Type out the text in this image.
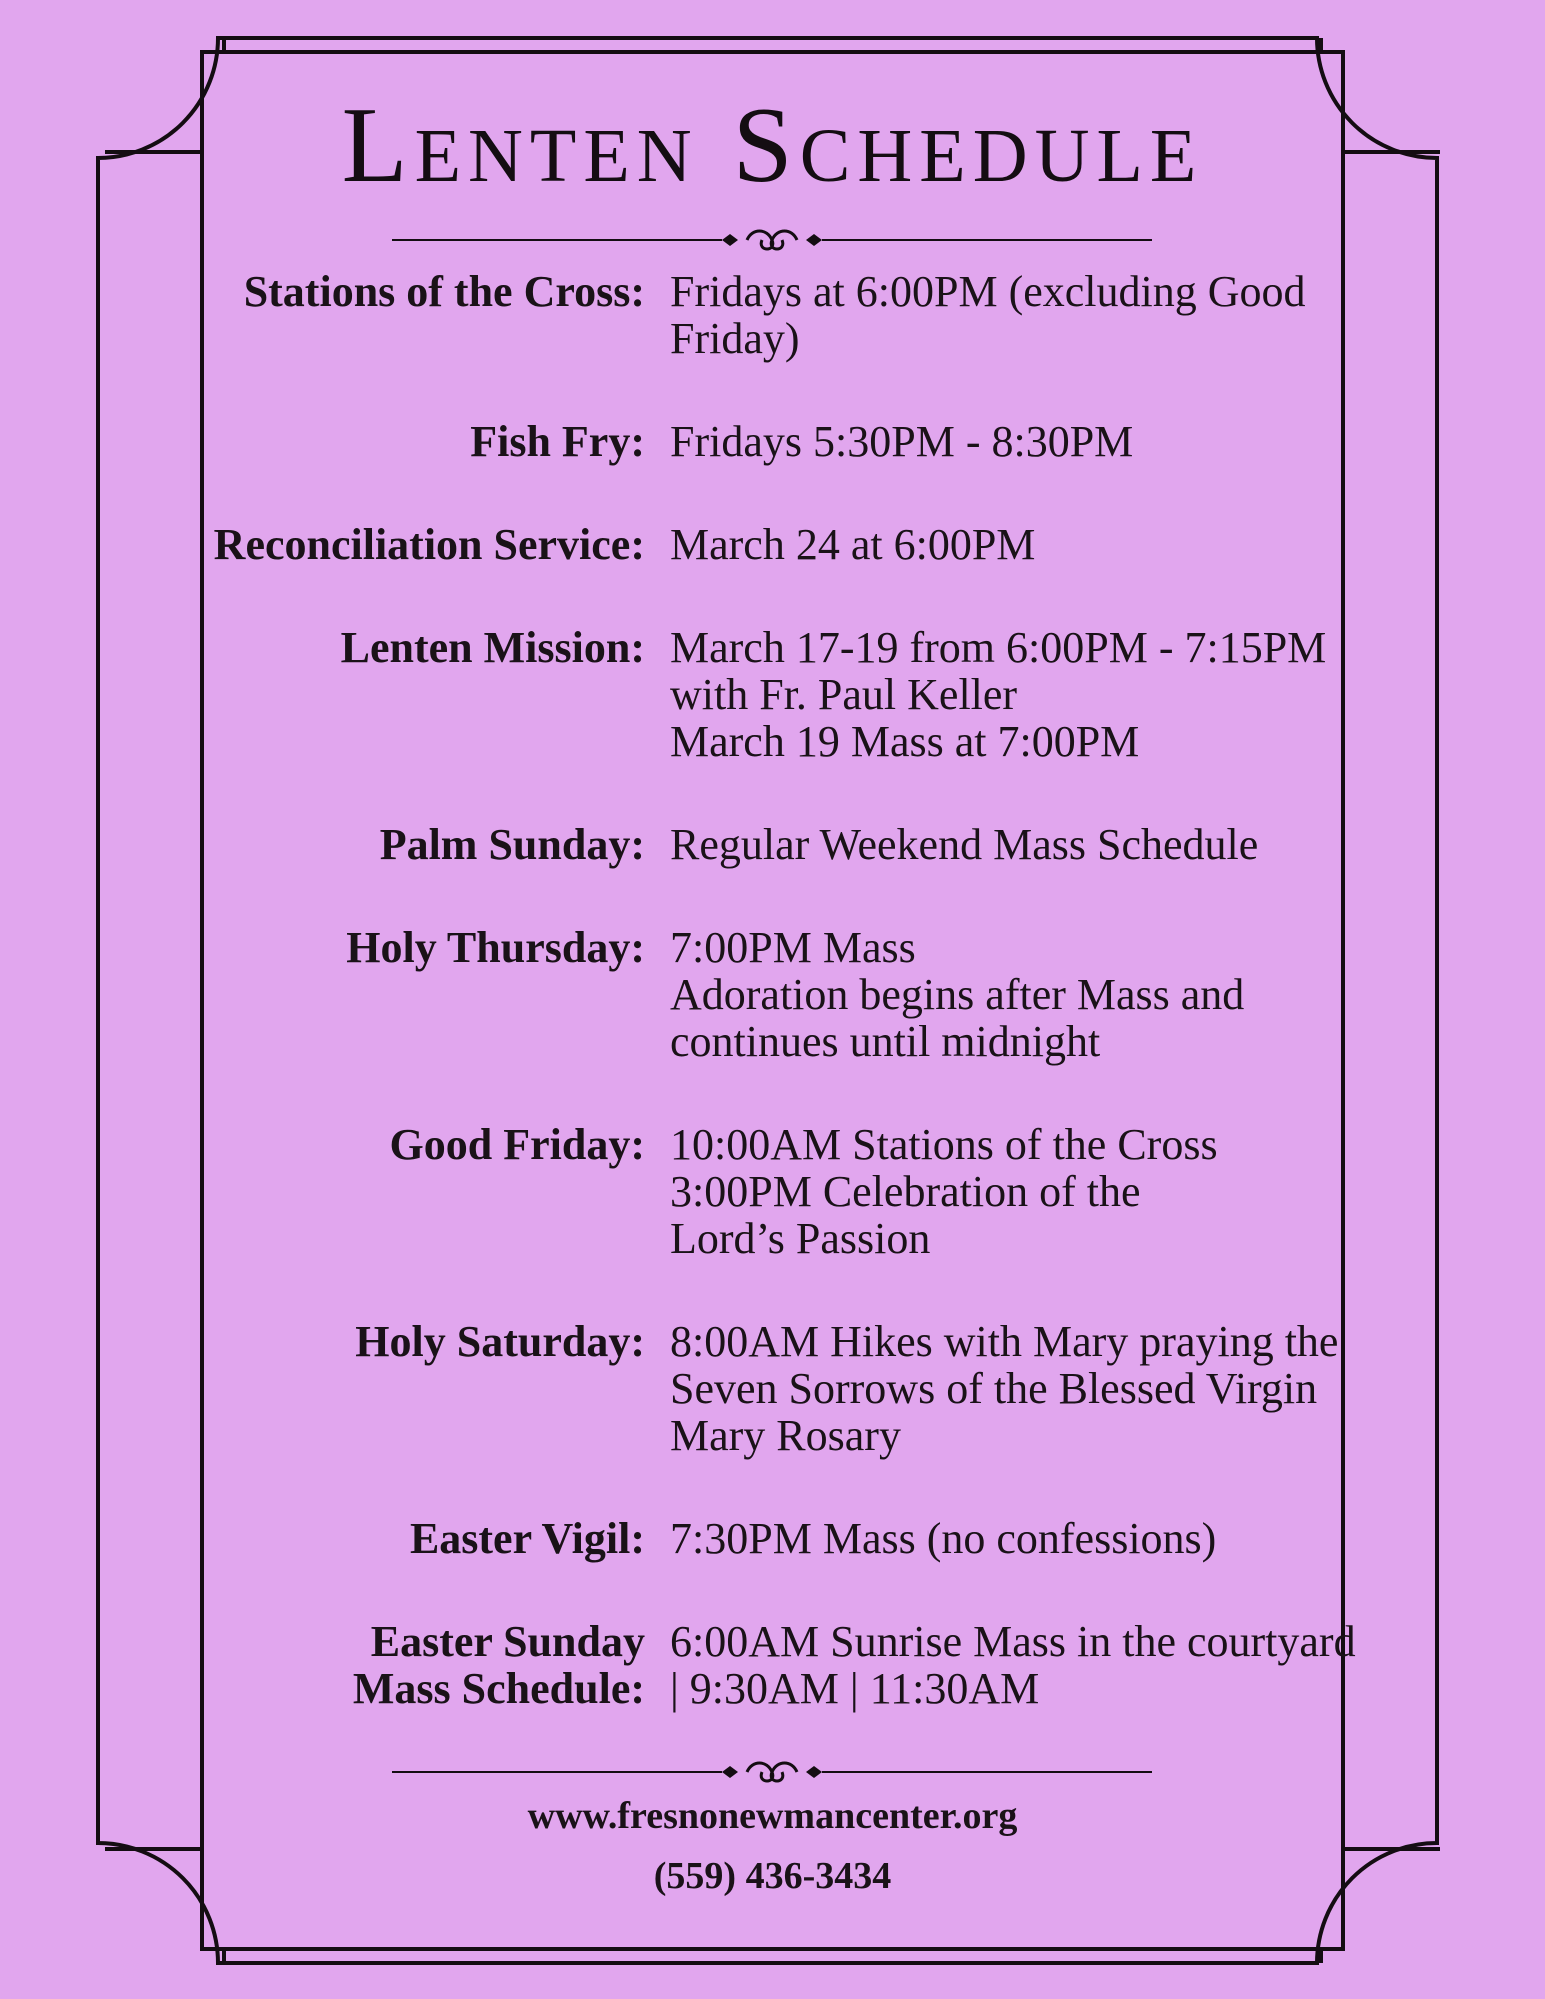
Lenten Schedule
Stations of the Cross: Fridays at 6:00PM (excluding Good
Friday)
Fish Fry: Fridays 5:30PM - 8:30PM
Reconciliation Service: March 24 at 6:00PM
Lenten Mission: March 17-19 from 6:00PM - 7:15PM
with Fr. Paul Keller
March 19 Mass at 7:00PM
Palm Sunday: Regular Weekend Mass Schedule
Holy Thursday: 7:00PM Mass
Adoration begins after Mass and
continues until midnight
Good Friday: 10:00AM Stations of the Cross
3:00PM Celebration of the
Lord’s Passion
Holy Saturday: 8:00AM Hikes with Mary praying the
Seven Sorrows of the Blessed Virgin
Mary Rosary
Easter Vigil: 7:30PM Mass (no confessions)
Easter Sunday
Mass Schedule:
6:00AM Sunrise Mass in the courtyard
| 9:30AM | 11:30AM
www.fresnonewmancenter.org
(559) 436-3434
